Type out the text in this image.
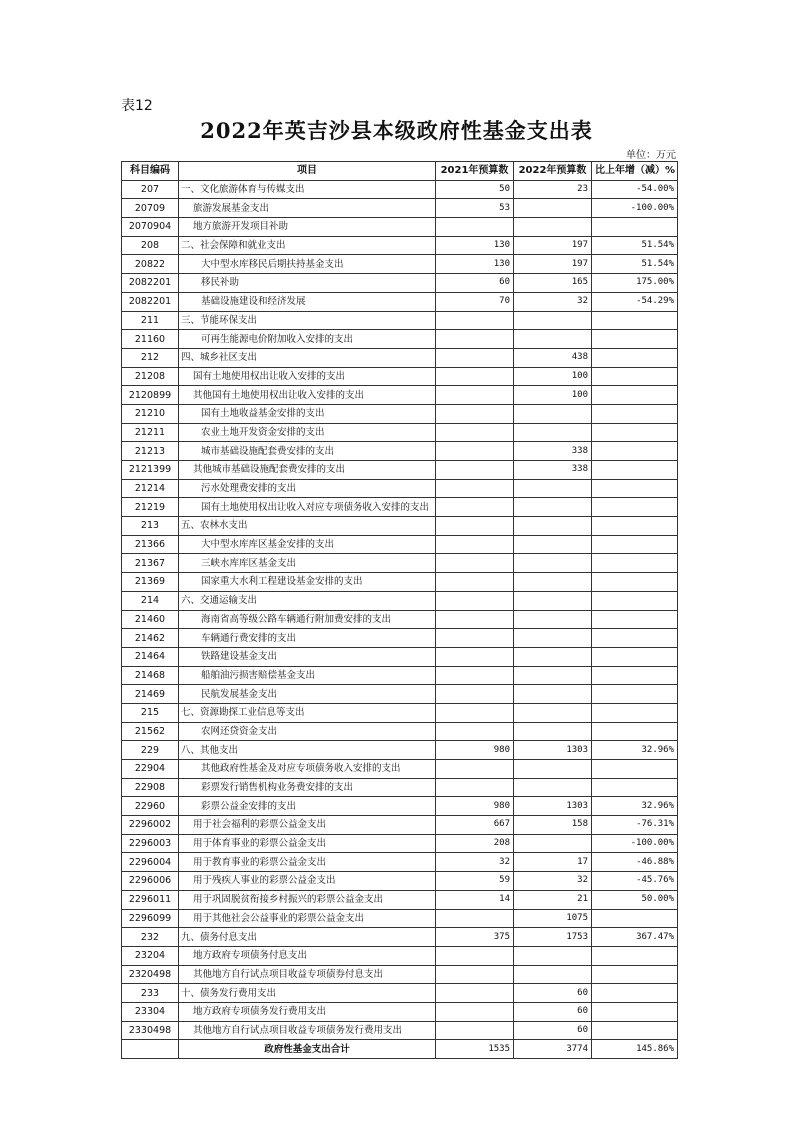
表12
2022年英吉沙县本级政府性基金支出表
单位：万元
科目编码	项目	2021年预算数	2022年预算数	比上年增（减）%
207	一、文化旅游体育与传媒支出	50	23	-54.00%
20709	旅游发展基金支出	53		-100.00%
2070904	地方旅游开发项目补助			
208	二、社会保障和就业支出	130	197	51.54%
20822	大中型水库移民后期扶持基金支出	130	197	51.54%
2082201	移民补助	60	165	175.00%
2082201	基础设施建设和经济发展	70	32	-54.29%
211	三、节能环保支出			
21160	可再生能源电价附加收入安排的支出			
212	四、城乡社区支出		438	
21208	国有土地使用权出让收入安排的支出		100	
2120899	其他国有土地使用权出让收入安排的支出		100	
21210	国有土地收益基金安排的支出			
21211	农业土地开发资金安排的支出			
21213	城市基础设施配套费安排的支出		338	
2121399	其他城市基础设施配套费安排的支出		338	
21214	污水处理费安排的支出			
21219	国有土地使用权出让收入对应专项债务收入安排的支出			
213	五、农林水支出			
21366	大中型水库库区基金安排的支出			
21367	三峡水库库区基金支出			
21369	国家重大水利工程建设基金安排的支出			
214	六、交通运输支出			
21460	海南省高等级公路车辆通行附加费安排的支出			
21462	车辆通行费安排的支出			
21464	铁路建设基金支出			
21468	船舶油污损害赔偿基金支出			
21469	民航发展基金支出			
215	七、资源勘探工业信息等支出			
21562	农网还贷资金支出			
229	八、其他支出	980	1303	32.96%
22904	其他政府性基金及对应专项债务收入安排的支出			
22908	彩票发行销售机构业务费安排的支出			
22960	彩票公益金安排的支出	980	1303	32.96%
2296002	用于社会福利的彩票公益金支出	667	158	-76.31%
2296003	用于体育事业的彩票公益金支出	208		-100.00%
2296004	用于教育事业的彩票公益金支出	32	17	-46.88%
2296006	用于残疾人事业的彩票公益金支出	59	32	-45.76%
2296011	用于巩固脱贫衔接乡村振兴的彩票公益金支出	14	21	50.00%
2296099	用于其他社会公益事业的彩票公益金支出		1075	
232	九、债务付息支出	375	1753	367.47%
23204	地方政府专项债务付息支出			
2320498	其他地方自行试点项目收益专项债券付息支出			
233	十、债务发行费用支出		60	
23304	地方政府专项债务发行费用支出		60	
2330498	其他地方自行试点项目收益专项债务发行费用支出		60	
	政府性基金支出合计	1535	3774	145.86%
